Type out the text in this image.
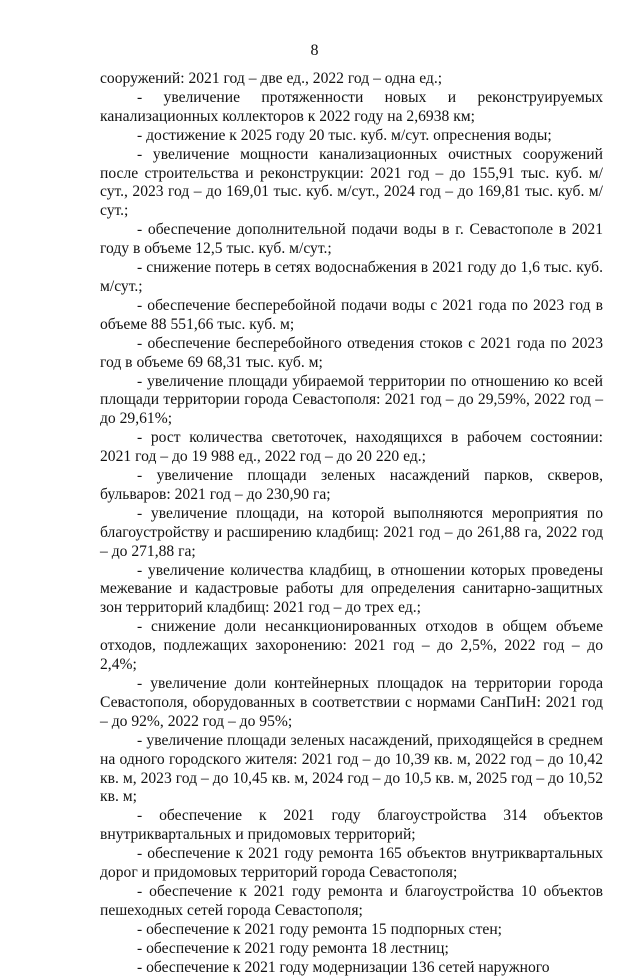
8

сооружений: 2021 год – две ед., 2022 год – одна ед.;

- увеличение протяженности новых и реконструируемых канализационных коллекторов к 2022 году на 2,6938 км;

- достижение к 2025 году 20 тыс. куб. м/сут. опреснения воды;

- увеличение мощности канализационных очистных сооружений после строительства и реконструкции: 2021 год – до 155,91 тыс. куб. м/сут., 2023 год – до 169,01 тыс. куб. м/сут., 2024 год – до 169,81 тыс. куб. м/сут.;

- обеспечение дополнительной подачи воды в г. Севастополе в 2021 году в объеме 12,5 тыс. куб. м/сут.;

- снижение потерь в сетях водоснабжения в 2021 году до 1,6 тыс. куб. м/сут.;

- обеспечение бесперебойной подачи воды с 2021 года по 2023 год в объеме 88 551,66 тыс. куб. м;

- обеспечение бесперебойного отведения стоков с 2021 года по 2023 год в объеме 69 68,31 тыс. куб. м;

- увеличение площади убираемой территории по отношению ко всей площади территории города Севастополя: 2021 год – до 29,59%, 2022 год – до 29,61%;

- рост количества светоточек, находящихся в рабочем состоянии: 2021 год – до 19 988 ед., 2022 год – до 20 220 ед.;

- увеличение площади зеленых насаждений парков, скверов, бульваров: 2021 год – до 230,90 га;

- увеличение площади, на которой выполняются мероприятия по благоустройству и расширению кладбищ: 2021 год – до 261,88 га, 2022 год – до 271,88 га;

- увеличение количества кладбищ, в отношении которых проведены межевание и кадастровые работы для определения санитарно-защитных зон территорий кладбищ: 2021 год – до трех ед.;

- снижение доли несанкционированных отходов в общем объеме отходов, подлежащих захоронению: 2021 год – до 2,5%, 2022 год – до 2,4%;

- увеличение доли контейнерных площадок на территории города Севастополя, оборудованных в соответствии с нормами СанПиН: 2021 год – до 92%, 2022 год – до 95%;

- увеличение площади зеленых насаждений, приходящейся в среднем на одного городского жителя: 2021 год – до 10,39 кв. м, 2022 год – до 10,42 кв. м, 2023 год – до 10,45 кв. м, 2024 год – до 10,5 кв. м, 2025 год – до 10,52 кв. м;

- обеспечение к 2021 году благоустройства 314 объектов внутриквартальных и придомовых территорий;

- обеспечение к 2021 году ремонта 165 объектов внутриквартальных дорог и придомовых территорий города Севастополя;

- обеспечение к 2021 году ремонта и благоустройства 10 объектов пешеходных сетей города Севастополя;

- обеспечение к 2021 году ремонта 15 подпорных стен;

- обеспечение к 2021 году ремонта 18 лестниц;

- обеспечение к 2021 году модернизации 136 сетей наружного
